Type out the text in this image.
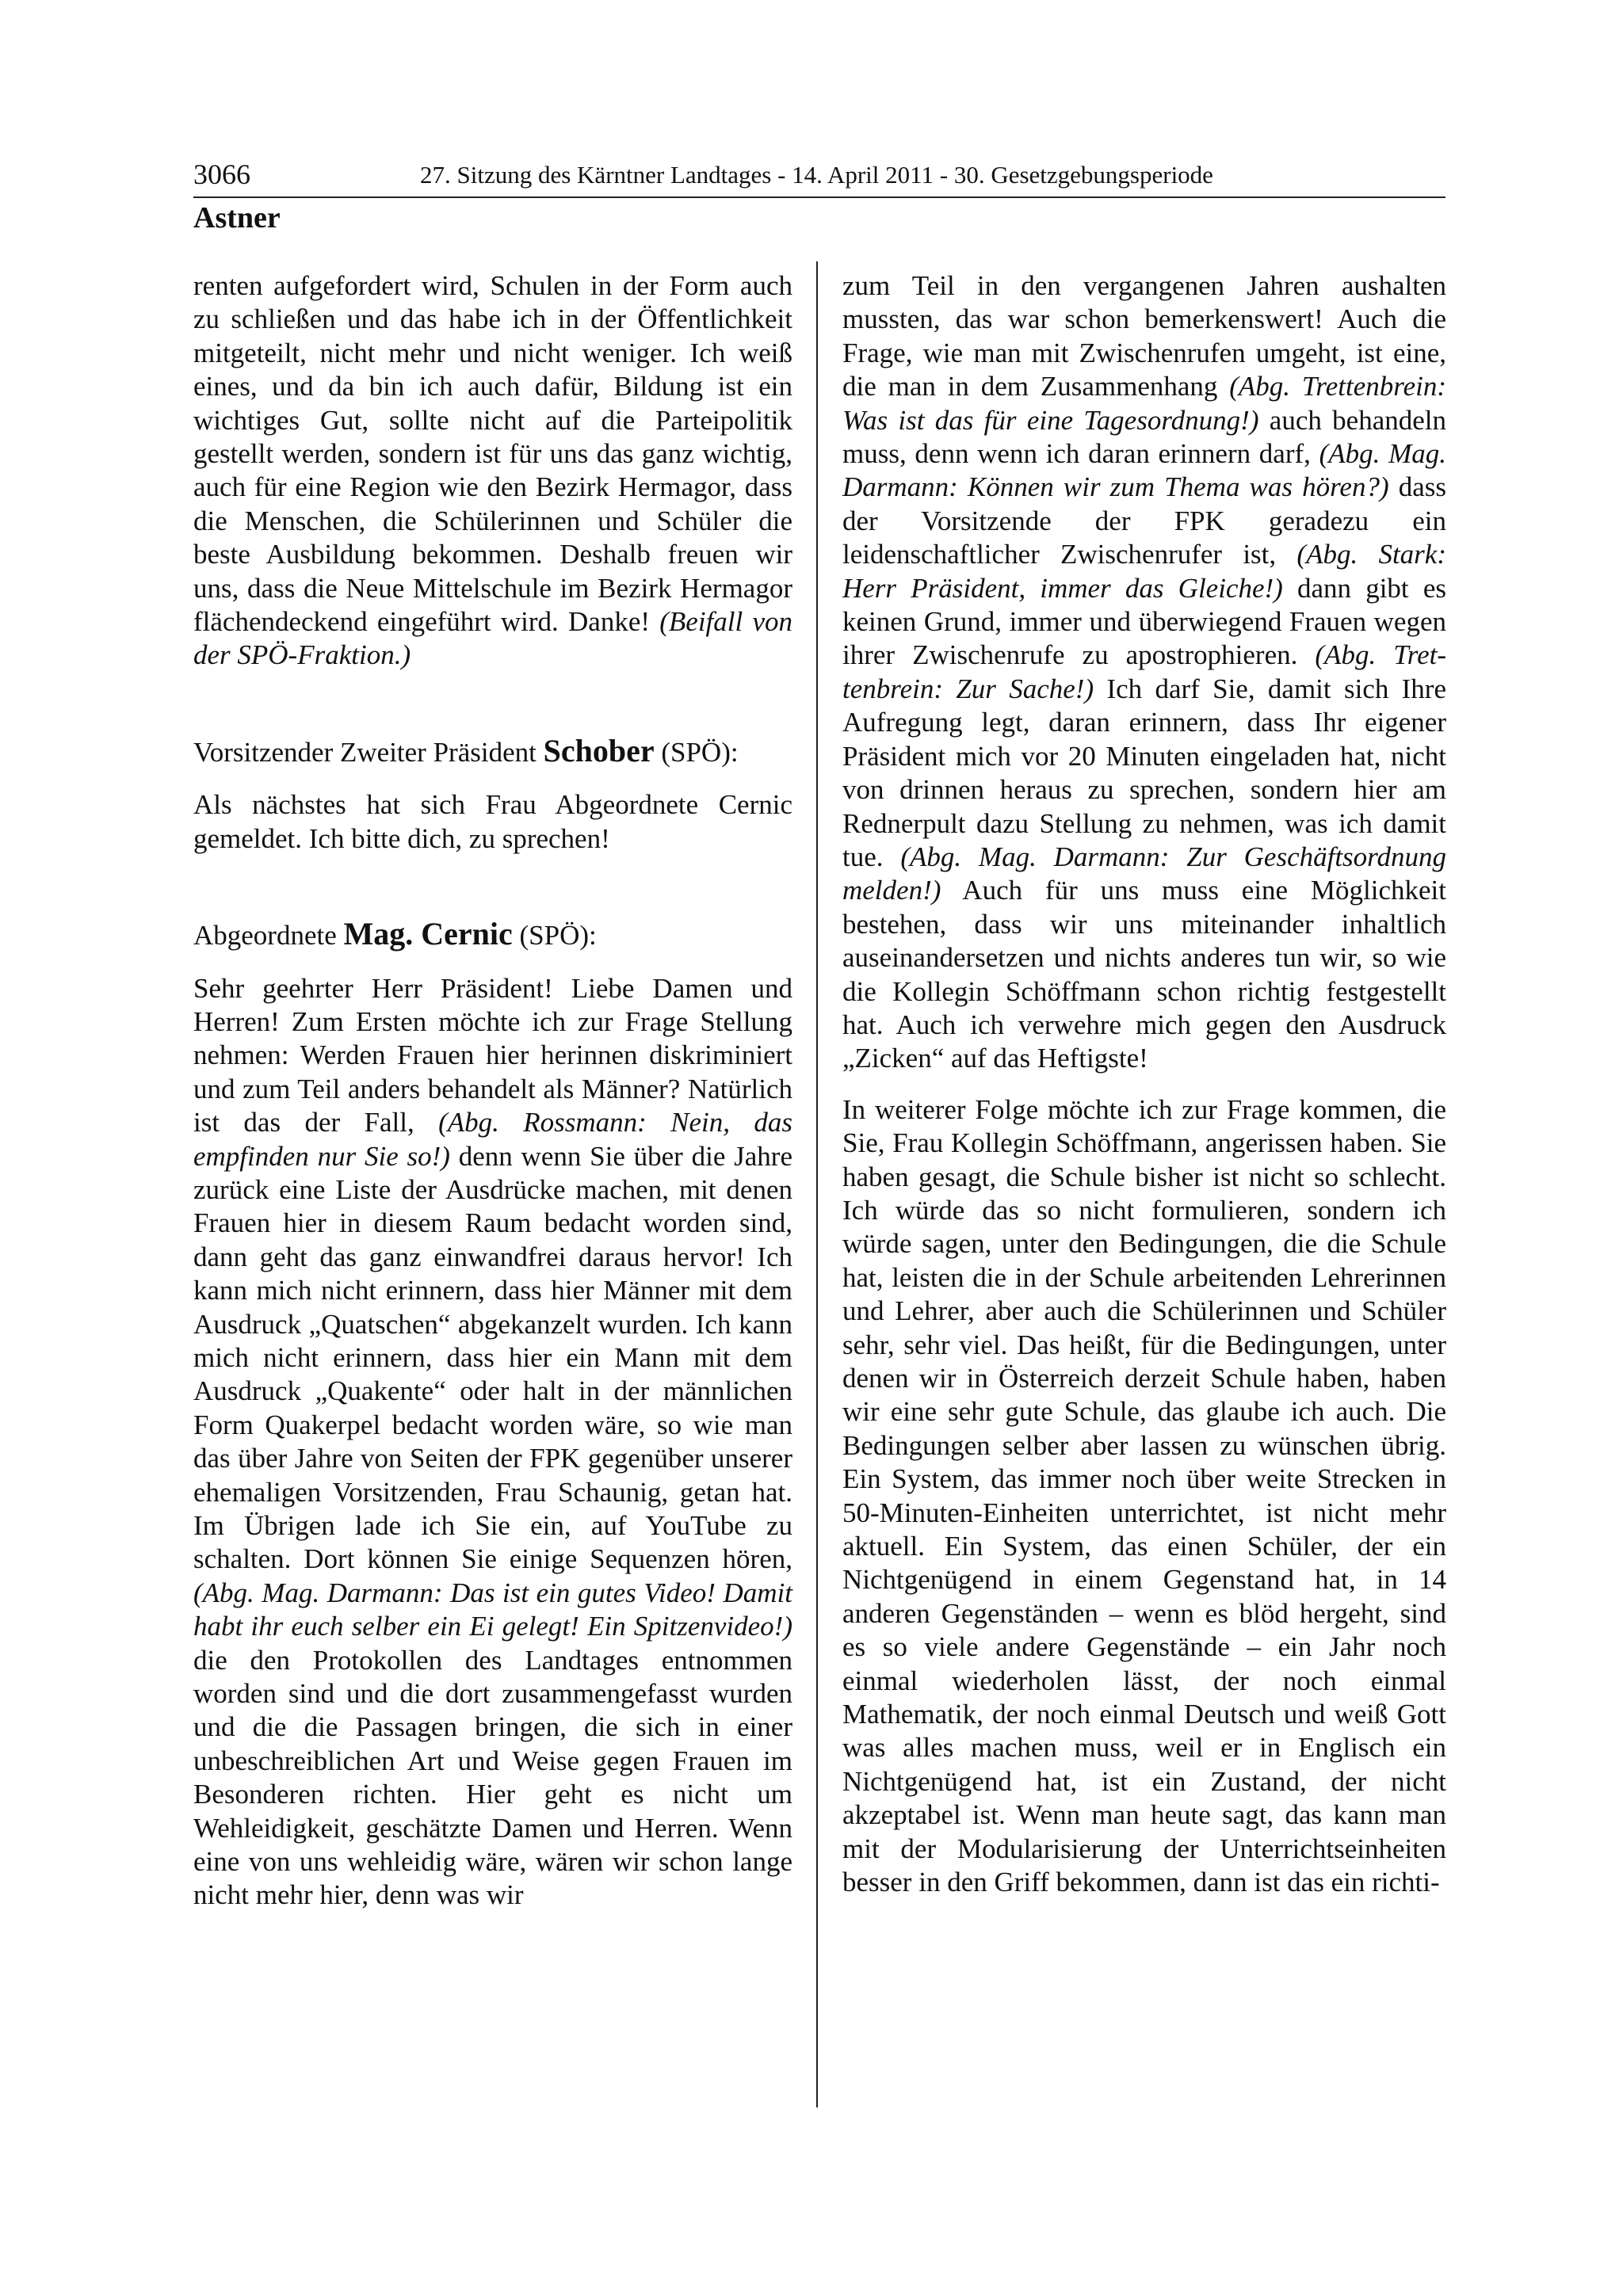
3066	27. Sitzung des Kärntner Landtages - 14. April 2011 - 30. Gesetzgebungsperiode
Astner

renten aufgefordert wird, Schulen in der Form auch zu schließen und das habe ich in der Öffentlichkeit mitgeteilt, nicht mehr und nicht weniger. Ich weiß eines, und da bin ich auch dafür, Bildung ist ein wichtiges Gut, sollte nicht auf die Parteipolitik gestellt werden, sondern ist für uns das ganz wichtig, auch für eine Region wie den Bezirk Hermagor, dass die Menschen, die Schülerinnen und Schüler die beste Ausbildung bekommen. Deshalb freuen wir uns, dass die Neue Mittelschule im Bezirk Hermagor flächendeckend eingeführt wird. Danke! (Beifall von der SPÖ-Fraktion.)

Vorsitzender Zweiter Präsident Schober (SPÖ):

Als nächstes hat sich Frau Abgeordnete Cernic gemeldet. Ich bitte dich, zu sprechen!

Abgeordnete Mag. Cernic (SPÖ):

Sehr geehrter Herr Präsident! Liebe Damen und Herren! Zum Ersten möchte ich zur Frage Stellung nehmen: Werden Frauen hier herinnen diskriminiert und zum Teil anders behandelt als Männer? Natürlich ist das der Fall, (Abg. Rossmann: Nein, das empfinden nur Sie so!) denn wenn Sie über die Jahre zurück eine Liste der Ausdrücke machen, mit denen Frauen hier in diesem Raum bedacht worden sind, dann geht das ganz einwandfrei daraus hervor! Ich kann mich nicht erinnern, dass hier Männer mit dem Ausdruck „Quatschen“ abgekanzelt wurden. Ich kann mich nicht erinnern, dass hier ein Mann mit dem Ausdruck „Quakente“ oder halt in der männlichen Form Quakerpel bedacht worden wäre, so wie man das über Jahre von Seiten der FPK gegenüber unserer ehemaligen Vorsitzenden, Frau Schaunig, getan hat. Im Übrigen lade ich Sie ein, auf YouTube zu schalten. Dort können Sie einige Sequenzen hören, (Abg. Mag. Darmann: Das ist ein gutes Video! Damit habt ihr euch selber ein Ei gelegt! Ein Spitzenvideo!) die den Protokollen des Landtages entnommen worden sind und die dort zusammengefasst wurden und die die Passagen bringen, die sich in einer unbeschreiblichen Art und Weise gegen Frauen im Besonderen richten. Hier geht es nicht um Wehleidigkeit, geschätzte Damen und Herren. Wenn eine von uns wehleidig wäre, wären wir schon lange nicht mehr hier, denn was wir

zum Teil in den vergangenen Jahren aushalten mussten, das war schon bemerkenswert! Auch die Frage, wie man mit Zwischenrufen umgeht, ist eine, die man in dem Zusammenhang (Abg. Trettenbrein: Was ist das für eine Tagesordnung!) auch behandeln muss, denn wenn ich daran erinnern darf, (Abg. Mag. Darmann: Können wir zum Thema was hören?) dass der Vorsitzende der FPK geradezu ein leidenschaftlicher Zwischenrufer ist, (Abg. Stark: Herr Präsident, immer das Gleiche!) dann gibt es keinen Grund, immer und überwiegend Frauen wegen ihrer Zwischenrufe zu apostrophieren. (Abg. Trettenbrein: Zur Sache!) Ich darf Sie, damit sich Ihre Aufregung legt, daran erinnern, dass Ihr eigener Präsident mich vor 20 Minuten eingeladen hat, nicht von drinnen heraus zu sprechen, sondern hier am Rednerpult dazu Stellung zu nehmen, was ich damit tue. (Abg. Mag. Darmann: Zur Geschäftsordnung melden!) Auch für uns muss eine Möglichkeit bestehen, dass wir uns miteinander inhaltlich auseinandersetzen und nichts anderes tun wir, so wie die Kollegin Schöffmann schon richtig festgestellt hat. Auch ich verwehre mich gegen den Ausdruck „Zicken“ auf das Heftigste!

In weiterer Folge möchte ich zur Frage kommen, die Sie, Frau Kollegin Schöffmann, angerissen haben. Sie haben gesagt, die Schule bisher ist nicht so schlecht. Ich würde das so nicht formulieren, sondern ich würde sagen, unter den Bedingungen, die die Schule hat, leisten die in der Schule arbeitenden Lehrerinnen und Lehrer, aber auch die Schülerinnen und Schüler sehr, sehr viel. Das heißt, für die Bedingungen, unter denen wir in Österreich derzeit Schule haben, haben wir eine sehr gute Schule, das glaube ich auch. Die Bedingungen selber aber lassen zu wünschen übrig. Ein System, das immer noch über weite Strecken in 50-Minuten-Einheiten unterrichtet, ist nicht mehr aktuell. Ein System, das einen Schüler, der ein Nichtgenügend in einem Gegenstand hat, in 14 anderen Gegenständen – wenn es blöd hergeht, sind es so viele andere Gegenstände – ein Jahr noch einmal wiederholen lässt, der noch einmal Mathematik, der noch einmal Deutsch und weiß Gott was alles machen muss, weil er in Englisch ein Nichtgenügend hat, ist ein Zustand, der nicht akzeptabel ist. Wenn man heute sagt, das kann man mit der Modularisierung der Unterrichtseinheiten besser in den Griff bekommen, dann ist das ein richti-
